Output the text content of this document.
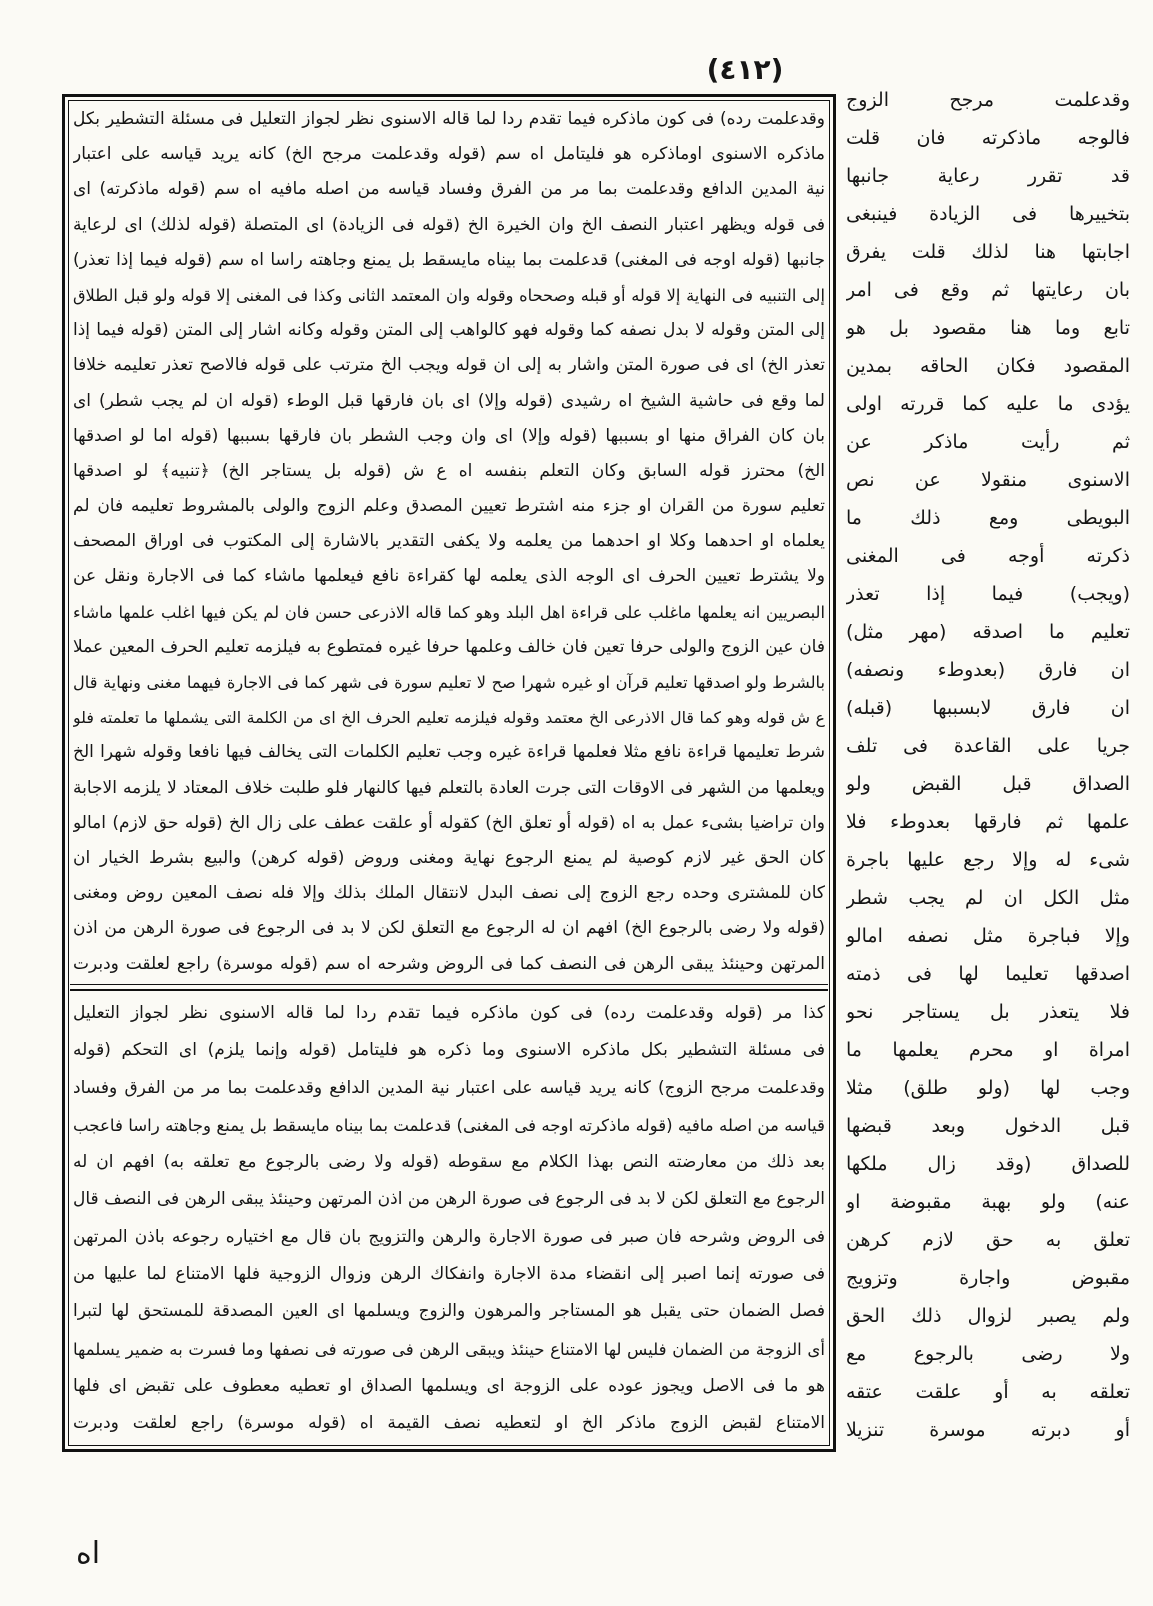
(٤١٢)
وقدعلمت مرجح الزوج
فالوجه ماذكرته فان قلت
قد تقرر رعاية جانبها
بتخييرها فى الزيادة فينبغى
اجابتها هنا لذلك قلت يفرق
بان رعايتها ثم وقع فى امر
تابع وما هنا مقصود بل هو
المقصود فكان الحاقه بمدين
يؤدى ما عليه كما قررته اولى
ثم رأيت ماذكر عن
الاسنوى منقولا عن نص
البويطى ومع ذلك ما
ذكرته أوجه فى المغنى
(ويجب) فيما إذا تعذر
تعليم ما اصدقه (مهر مثل)
ان فارق (بعدوطء ونصفه)
ان فارق لابسببها (قبله)
جريا على القاعدة فى تلف
الصداق قبل القبض ولو
علمها ثم فارقها بعدوطء فلا
شىء له وإلا رجع عليها باجرة
مثل الكل ان لم يجب شطر
وإلا فباجرة مثل نصفه امالو
اصدقها تعليما لها فى ذمته
فلا يتعذر بل يستاجر نحو
امراة او محرم يعلمها ما
وجب لها (ولو طلق) مثلا
قبل الدخول وبعد قبضها
للصداق (وقد زال ملكها
عنه) ولو بهبة مقبوضة او
تعلق به حق لازم كرهن
مقبوض واجارة وتزويج
ولم يصبر لزوال ذلك الحق
ولا رضى بالرجوع مع
تعلقه به أو علقت عتقه
أو دبرته موسرة تنزيلا
وقدعلمت رده) فى كون ماذكره فيما تقدم ردا لما قاله الاسنوى نظر لجواز التعليل فى مسئلة التشطير بكل
ماذكره الاسنوى اوماذكره هو فليتامل اه سم (قوله وقدعلمت مرجح الخ) كانه يريد قياسه على اعتبار
نية المدين الدافع وقدعلمت بما مر من الفرق وفساد قياسه من اصله مافيه اه سم (قوله ماذكرته) اى
فى قوله ويظهر اعتبار النصف الخ وان الخيرة الخ (قوله فى الزيادة) اى المتصلة (قوله لذلك) اى لرعاية
جانبها (قوله اوجه فى المغنى) قدعلمت بما بيناه مايسقط بل يمنع وجاهته راسا اه سم (قوله فيما إذا تعذر)
إلى التنبيه فى النهاية إلا قوله أو قبله وصححاه وقوله وان المعتمد الثانى وكذا فى المغنى إلا قوله ولو قبل الطلاق
إلى المتن وقوله لا بدل نصفه كما وقوله فهو كالواهب إلى المتن وقوله وكانه اشار إلى المتن (قوله فيما إذا
تعذر الخ) اى فى صورة المتن واشار به إلى ان قوله ويجب الخ مترتب على قوله فالاصح تعذر تعليمه خلافا
لما وقع فى حاشية الشيخ اه رشيدى (قوله وإلا) اى بان فارقها قبل الوطء (قوله ان لم يجب شطر) اى
بان كان الفراق منها او بسببها (قوله وإلا) اى وان وجب الشطر بان فارقها بسببها (قوله اما لو اصدقها
الخ) محترز قوله السابق وكان التعلم بنفسه اه ع ش (قوله بل يستاجر الخ) ﴿تنبيه﴾ لو اصدقها
تعليم سورة من القران او جزء منه اشترط تعيين المصدق وعلم الزوج والولى بالمشروط تعليمه فان لم
يعلماه او احدهما وكلا او احدهما من يعلمه ولا يكفى التقدير بالاشارة إلى المكتوب فى اوراق المصحف
ولا يشترط تعيين الحرف اى الوجه الذى يعلمه لها كقراءة نافع فيعلمها ماشاء كما فى الاجارة ونقل عن
البصريين انه يعلمها ماغلب على قراءة اهل البلد وهو كما قاله الاذرعى حسن فان لم يكن فيها اغلب علمها ماشاء
فان عين الزوج والولى حرفا تعين فان خالف وعلمها حرفا غيره فمتطوع به فيلزمه تعليم الحرف المعين عملا
بالشرط ولو اصدقها تعليم قرآن او غيره شهرا صح لا تعليم سورة فى شهر كما فى الاجارة فيهما مغنى ونهاية قال
ع ش قوله وهو كما قال الاذرعى الخ معتمد وقوله فيلزمه تعليم الحرف الخ اى من الكلمة التى يشملها ما تعلمته فلو
شرط تعليمها قراءة نافع مثلا فعلمها قراءة غيره وجب تعليم الكلمات التى يخالف فيها نافعا وقوله شهرا الخ
ويعلمها من الشهر فى الاوقات التى جرت العادة بالتعلم فيها كالنهار فلو طلبت خلاف المعتاد لا يلزمه الاجابة
وان تراضيا بشىء عمل به اه (قوله أو تعلق الخ) كقوله أو علقت عطف على زال الخ (قوله حق لازم) امالو
كان الحق غير لازم كوصية لم يمنع الرجوع نهاية ومغنى وروض (قوله كرهن) والبيع بشرط الخيار ان
كان للمشترى وحده رجع الزوج إلى نصف البدل لانتقال الملك بذلك وإلا فله نصف المعين روض ومغنى
(قوله ولا رضى بالرجوع الخ) افهم ان له الرجوع مع التعلق لكن لا بد فى الرجوع فى صورة الرهن من اذن
المرتهن وحينئذ يبقى الرهن فى النصف كما فى الروض وشرحه اه سم (قوله موسرة) راجع لعلقت ودبرت
كذا مر (قوله وقدعلمت رده) فى كون ماذكره فيما تقدم ردا لما قاله الاسنوى نظر لجواز التعليل
فى مسئلة التشطير بكل ماذكره الاسنوى وما ذكره هو فليتامل (قوله وإنما يلزم) اى التحكم (قوله
وقدعلمت مرجح الزوج) كانه يريد قياسه على اعتبار نية المدين الدافع وقدعلمت بما مر من الفرق وفساد
قياسه من اصله مافيه (قوله ماذكرته اوجه فى المغنى) قدعلمت بما بيناه مايسقط بل يمنع وجاهته راسا فاعجب
بعد ذلك من معارضته النص بهذا الكلام مع سقوطه (قوله ولا رضى بالرجوع مع تعلقه به) افهم ان له
الرجوع مع التعلق لكن لا بد فى الرجوع فى صورة الرهن من اذن المرتهن وحينئذ يبقى الرهن فى النصف قال
فى الروض وشرحه فان صبر فى صورة الاجارة والرهن والتزويج بان قال مع اختياره رجوعه باذن المرتهن
فى صورته إنما اصبر إلى انقضاء مدة الاجارة وانفكاك الرهن وزوال الزوجية فلها الامتناع لما عليها من
فصل الضمان حتى يقبل هو المستاجر والمرهون والزوج ويسلمها اى العين المصدقة للمستحق لها لتبرا
أى الزوجة من الضمان فليس لها الامتناع حينئذ ويبقى الرهن فى صورته فى نصفها وما فسرت به ضمير يسلمها
هو ما فى الاصل ويجوز عوده على الزوجة اى ويسلمها الصداق او تعطيه معطوف على تقبض اى فلها
الامتناع لقبض الزوج ماذكر الخ او لتعطيه نصف القيمة اه (قوله موسرة) راجع لعلقت ودبرت
اه
